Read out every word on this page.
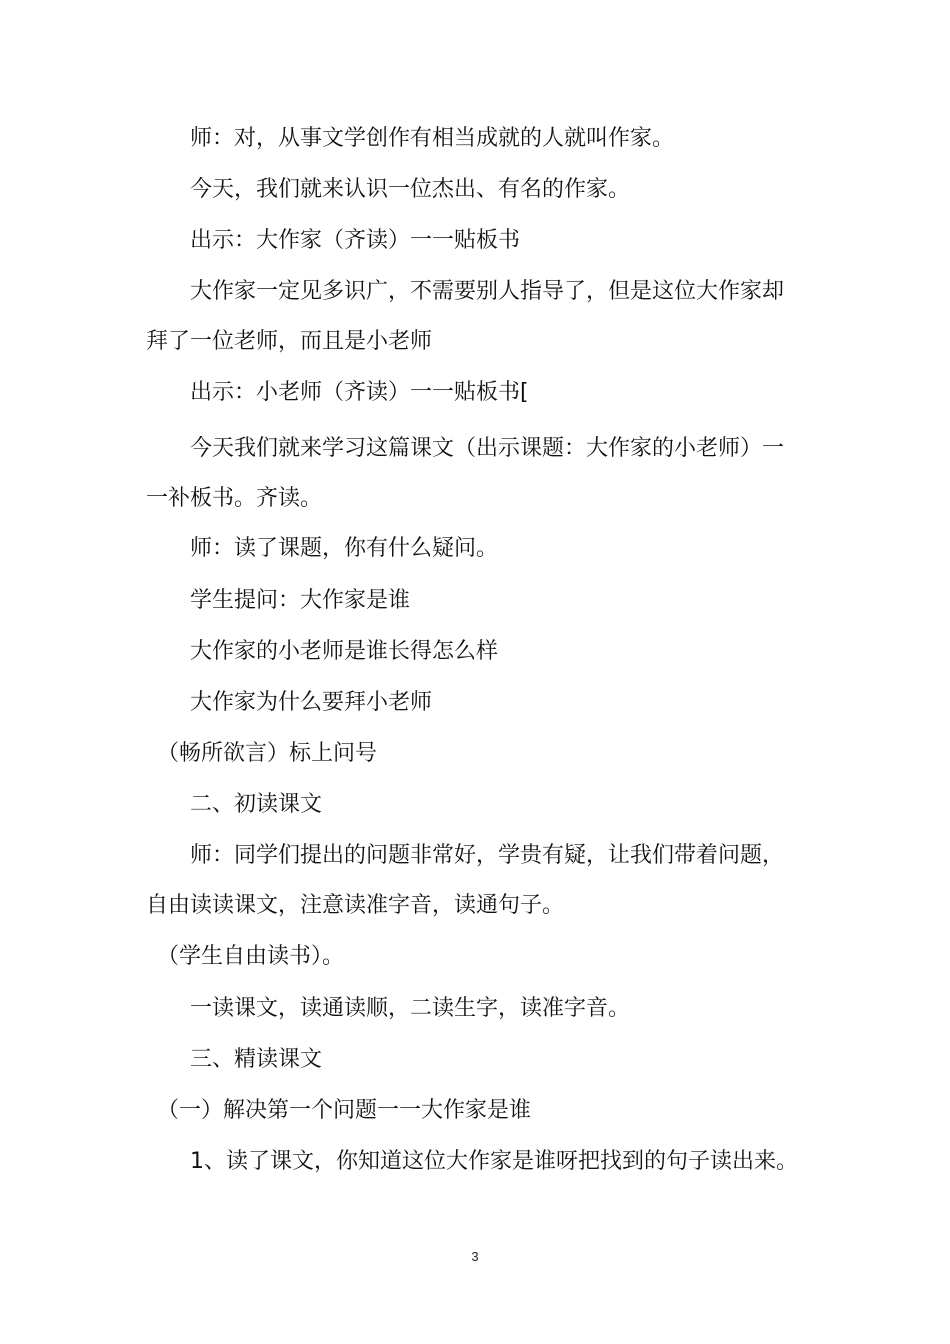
　　师：对，从事文学创作有相当成就的人就叫作家。

　　今天，我们就来认识一位杰出、有名的作家。

　　出示：大作家（齐读）一一贴板书

　　大作家一定见多识广，不需要别人指导了，但是这位大作家却
拜了一位老师，而且是小老师

　　出示：小老师（齐读）一一贴板书[

　　今天我们就来学习这篇课文（出示课题：大作家的小老师）一
一补板书。齐读。

　　师：读了课题，你有什么疑问。

　　学生提问：大作家是谁

　　大作家的小老师是谁长得怎么样

　　大作家为什么要拜小老师

　（畅所欲言）标上问号

　　二、初读课文

　　师：同学们提出的问题非常好，学贵有疑，让我们带着问题，
自由读读课文，注意读准字音，读通句子。

　（学生自由读书）。

　　一读课文，读通读顺，二读生字，读准字音。

　　三、精读课文

　（一）解决第一个问题一一大作家是谁

　　1、读了课文，你知道这位大作家是谁呀把找到的句子读出来。

3
